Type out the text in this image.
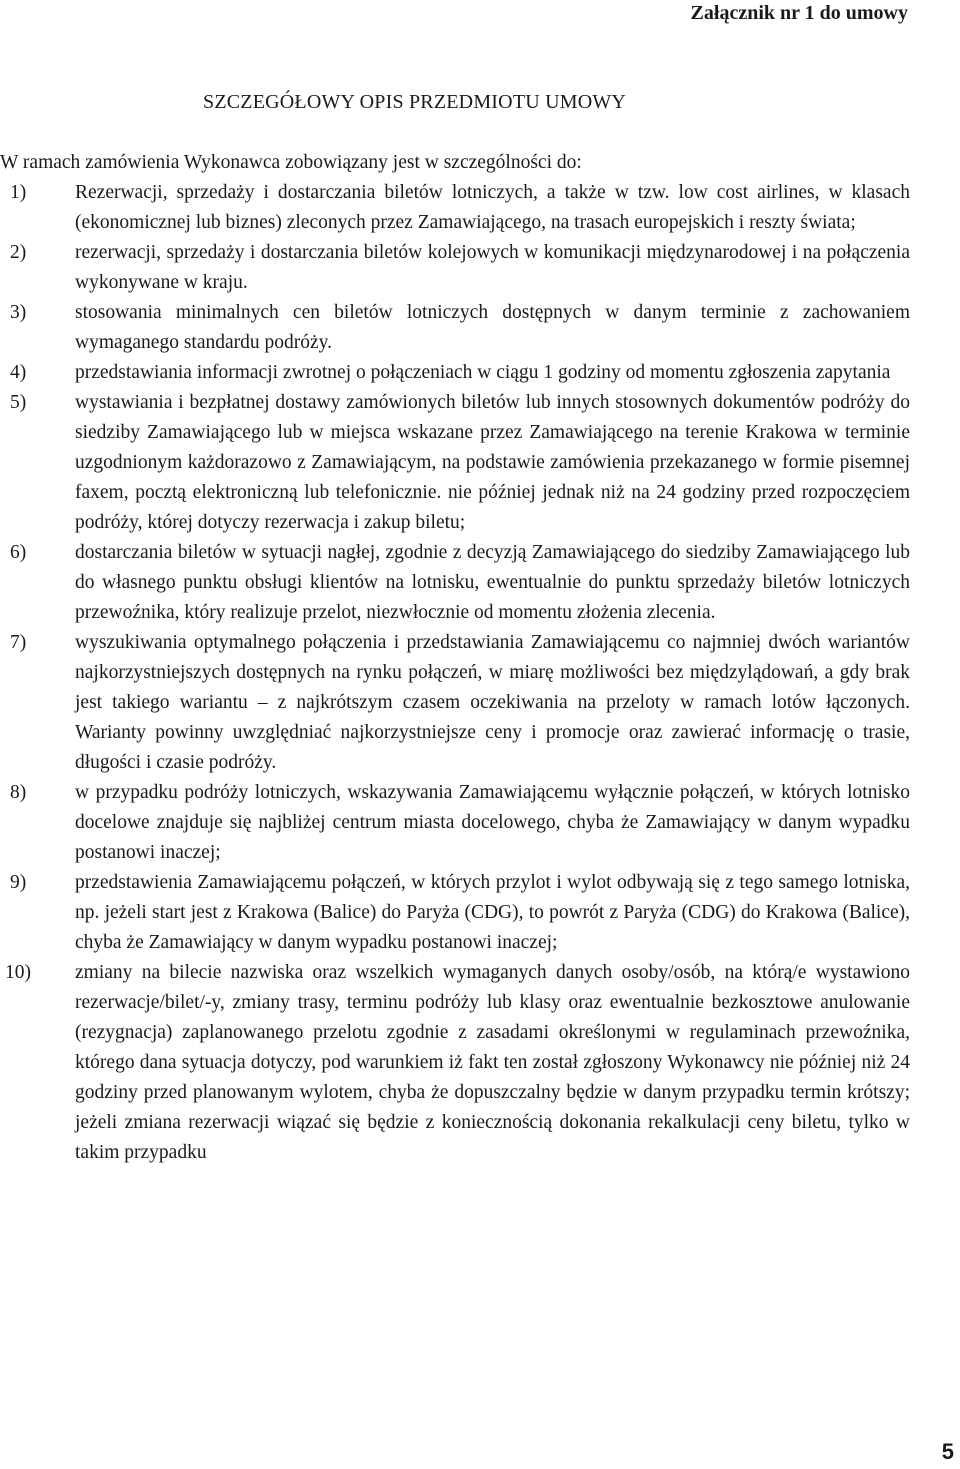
Załącznik nr 1 do umowy
SZCZEGÓŁOWY OPIS PRZEDMIOTU UMOWY
W ramach zamówienia Wykonawca zobowiązany jest w szczególności do:
1)	Rezerwacji, sprzedaży i dostarczania biletów lotniczych, a także w tzw. low cost airlines, w klasach (ekonomicznej lub biznes) zleconych przez Zamawiającego, na trasach europejskich i reszty świata;
2)	rezerwacji, sprzedaży i dostarczania biletów kolejowych w komunikacji międzynarodowej i na połączenia wykonywane w kraju.
3)	stosowania minimalnych cen biletów lotniczych dostępnych w danym terminie z zachowaniem wymaganego standardu podróży.
4)	przedstawiania informacji zwrotnej o połączeniach w ciągu 1 godziny od momentu zgłoszenia zapytania
5)	wystawiania i bezpłatnej dostawy zamówionych biletów lub innych stosownych dokumentów podróży do siedziby Zamawiającego lub w miejsca wskazane przez Zamawiającego na terenie Krakowa w terminie uzgodnionym każdorazowo z Zamawiającym, na podstawie zamówienia przekazanego w formie pisemnej faxem, pocztą elektroniczną lub telefonicznie. nie później jednak niż na 24 godziny przed rozpoczęciem podróży, której dotyczy rezerwacja i zakup biletu;
6)	dostarczania biletów w sytuacji nagłej, zgodnie z decyzją Zamawiającego do siedziby Zamawiającego lub do własnego punktu obsługi klientów na lotnisku, ewentualnie do punktu sprzedaży biletów lotniczych przewoźnika, który realizuje przelot, niezwłocznie od momentu złożenia zlecenia.
7)	wyszukiwania optymalnego połączenia i przedstawiania Zamawiającemu co najmniej dwóch wariantów najkorzystniejszych dostępnych na rynku połączeń, w miarę możliwości bez międzylądowań, a gdy brak jest takiego wariantu – z najkrótszym czasem oczekiwania na przeloty w ramach lotów łączonych. Warianty powinny uwzględniać najkorzystniejsze ceny i promocje oraz zawierać informację o trasie, długości i czasie podróży.
8)	w przypadku podróży lotniczych, wskazywania Zamawiającemu wyłącznie połączeń, w których lotnisko docelowe znajduje się najbliżej centrum miasta docelowego, chyba że Zamawiający w danym wypadku postanowi inaczej;
9)	przedstawienia Zamawiającemu połączeń, w których przylot i wylot odbywają się z tego samego lotniska, np. jeżeli start jest z Krakowa (Balice) do Paryża (CDG), to powrót z Paryża (CDG) do Krakowa (Balice), chyba że Zamawiający w danym wypadku postanowi inaczej;
10) zmiany na bilecie nazwiska oraz wszelkich wymaganych danych osoby/osób, na którą/e wystawiono rezerwacje/bilet/-y, zmiany trasy, terminu podróży lub klasy oraz ewentualnie bezkosztowe anulowanie (rezygnacja) zaplanowanego przelotu zgodnie z zasadami określonymi w regulaminach przewoźnika, którego dana sytuacja dotyczy, pod warunkiem iż fakt ten został zgłoszony Wykonawcy nie później niż 24 godziny przed planowanym wylotem, chyba że dopuszczalny będzie w danym przypadku termin krótszy; jeżeli zmiana rezerwacji wiązać się będzie z koniecznością dokonania rekalkulacji ceny biletu, tylko w takim przypadku
5
